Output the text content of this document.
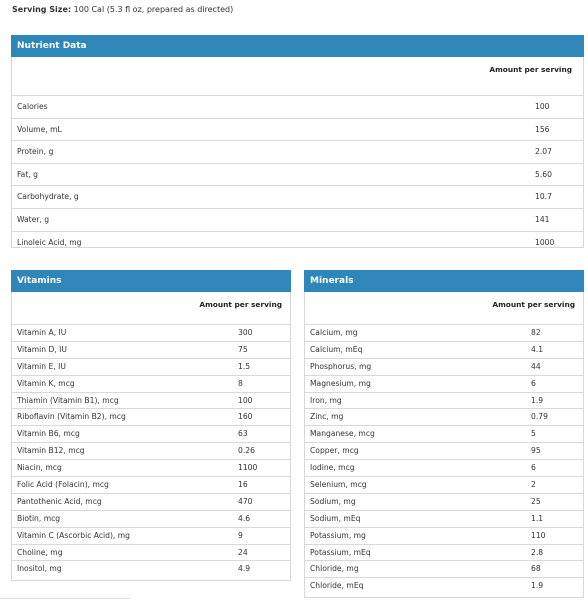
Serving Size: 100 Cal (5.3 fl oz, prepared as directed)
Nutrient Data
Amount per serving
Calories	100
Volume, mL	156
Protein, g	2.07
Fat, g	5.60
Carbohydrate, g	10.7
Water, g	141
Linoleic Acid, mg	1000
Vitamins
Amount per serving
Vitamin A, IU	300
Vitamin D, IU	75
Vitamin E, IU	1.5
Vitamin K, mcg	8
Thiamin (Vitamin B1), mcg	100
Riboflavin (Vitamin B2), mcg	160
Vitamin B6, mcg	63
Vitamin B12, mcg	0.26
Niacin, mcg	1100
Folic Acid (Folacin), mcg	16
Pantothenic Acid, mcg	470
Biotin, mcg	4.6
Vitamin C (Ascorbic Acid), mg	9
Choline, mg	24
Inositol, mg	4.9
Minerals
Amount per serving
Calcium, mg	82
Calcium, mEq	4.1
Phosphorus, mg	44
Magnesium, mg	6
Iron, mg	1.9
Zinc, mg	0.79
Manganese, mcg	5
Copper, mcg	95
Iodine, mcg	6
Selenium, mcg	2
Sodium, mg	25
Sodium, mEq	1.1
Potassium, mg	110
Potassium, mEq	2.8
Chloride, mg	68
Chloride, mEq	1.9
